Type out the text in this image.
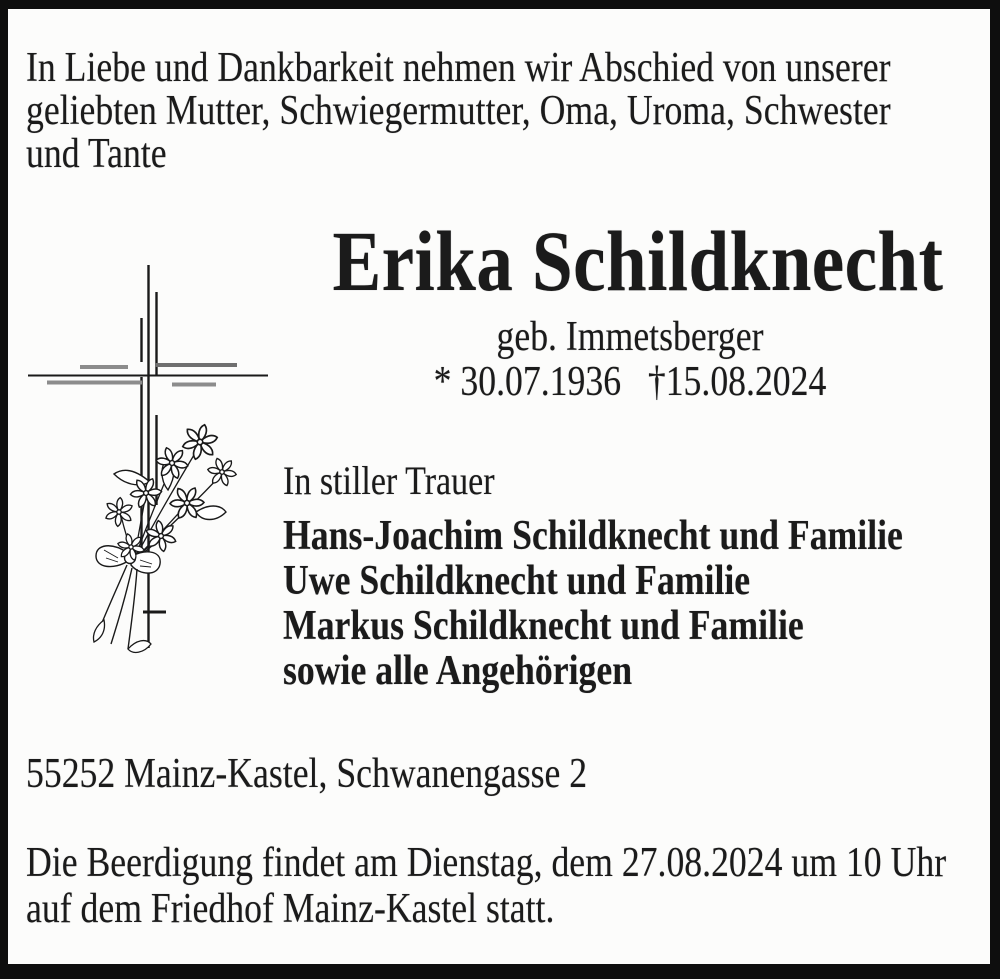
In Liebe und Dankbarkeit nehmen wir Abschied von unserer
geliebten Mutter, Schwiegermutter, Oma, Uroma, Schwester
und Tante
Erika Schildknecht
geb. Immetsberger
* 30.07.1936   †15.08.2024
In stiller Trauer
Hans-Joachim Schildknecht und Familie
Uwe Schildknecht und Familie
Markus Schildknecht und Familie
sowie alle Angehörigen
55252 Mainz-Kastel, Schwanengasse 2
Die Beerdigung findet am Dienstag, dem 27.08.2024 um 10 Uhr
auf dem Friedhof Mainz-Kastel statt.
